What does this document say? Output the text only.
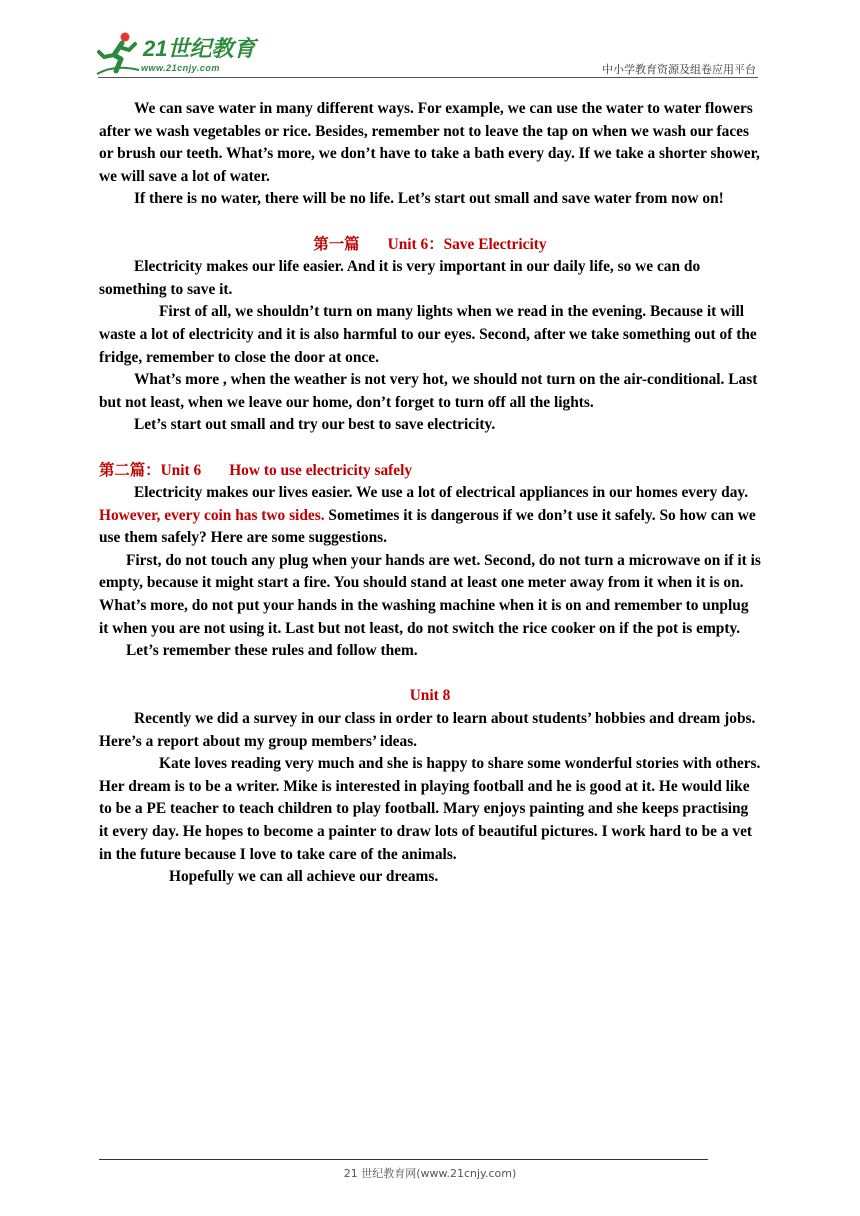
21世纪教育
www.21cnjy.com	中小学教育资源及组卷应用平台

We can save water in many different ways. For example, we can use the water to water flowers after we wash vegetables or rice. Besides, remember not to leave the tap on when we wash our faces or brush our teeth. What’s more, we don’t have to take a bath every day. If we take a shorter shower, we will save a lot of water.

If there is no water, there will be no life. Let’s start out small and save water from now on!

第一篇 Unit 6：Save Electricity

Electricity makes our life easier. And it is very important in our daily life, so we can do something to save it.

First of all, we shouldn’t turn on many lights when we read in the evening. Because it will waste a lot of electricity and it is also harmful to our eyes. Second, after we take something out of the fridge, remember to close the door at once.

What’s more , when the weather is not very hot, we should not turn on the air-conditional. Last but not least, when we leave our home, don’t forget to turn off all the lights.

Let’s start out small and try our best to save electricity.

第二篇：Unit 6 How to use electricity safely

Electricity makes our lives easier. We use a lot of electrical appliances in our homes every day. However, every coin has two sides. Sometimes it is dangerous if we don’t use it safely. So how can we use them safely? Here are some suggestions.

First, do not touch any plug when your hands are wet. Second, do not turn a microwave on if it is empty, because it might start a fire. You should stand at least one meter away from it when it is on. What’s more, do not put your hands in the washing machine when it is on and remember to unplug it when you are not using it. Last but not least, do not switch the rice cooker on if the pot is empty.

Let’s remember these rules and follow them.

Unit 8

Recently we did a survey in our class in order to learn about students’ hobbies and dream jobs. Here’s a report about my group members’ ideas.

Kate loves reading very much and she is happy to share some wonderful stories with others. Her dream is to be a writer. Mike is interested in playing football and he is good at it. He would like to be a PE teacher to teach children to play football. Mary enjoys painting and she keeps practising it every day. He hopes to become a painter to draw lots of beautiful pictures. I work hard to be a vet in the future because I love to take care of the animals.

Hopefully we can all achieve our dreams.

21 世纪教育网(www.21cnjy.com)
